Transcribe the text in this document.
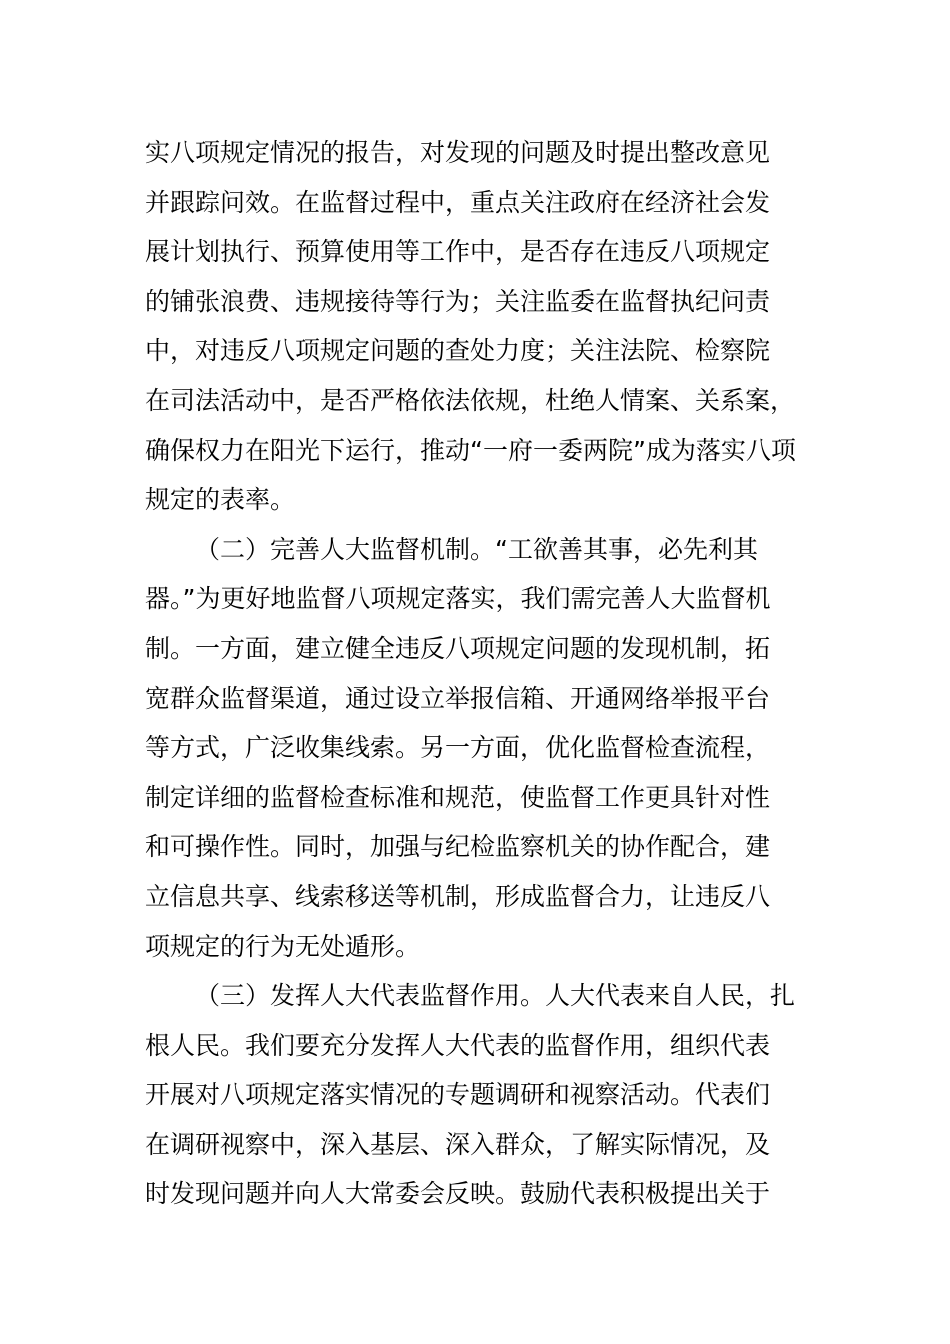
实八项规定情况的报告，对发现的问题及时提出整改意见
并跟踪问效。在监督过程中，重点关注政府在经济社会发
展计划执行、预算使用等工作中，是否存在违反八项规定
的铺张浪费、违规接待等行为；关注监委在监督执纪问责
中，对违反八项规定问题的查处力度；关注法院、检察院
在司法活动中，是否严格依法依规，杜绝人情案、关系案，
确保权力在阳光下运行，推动“一府一委两院”成为落实八项
规定的表率。
（二）完善人大监督机制。“工欲善其事，必先利其
器。”为更好地监督八项规定落实，我们需完善人大监督机
制。一方面，建立健全违反八项规定问题的发现机制，拓
宽群众监督渠道，通过设立举报信箱、开通网络举报平台
等方式，广泛收集线索。另一方面，优化监督检查流程，
制定详细的监督检查标准和规范，使监督工作更具针对性
和可操作性。同时，加强与纪检监察机关的协作配合，建
立信息共享、线索移送等机制，形成监督合力，让违反八
项规定的行为无处遁形。
（三）发挥人大代表监督作用。人大代表来自人民，扎
根人民。我们要充分发挥人大代表的监督作用，组织代表
开展对八项规定落实情况的专题调研和视察活动。代表们
在调研视察中，深入基层、深入群众，了解实际情况，及
时发现问题并向人大常委会反映。鼓励代表积极提出关于
